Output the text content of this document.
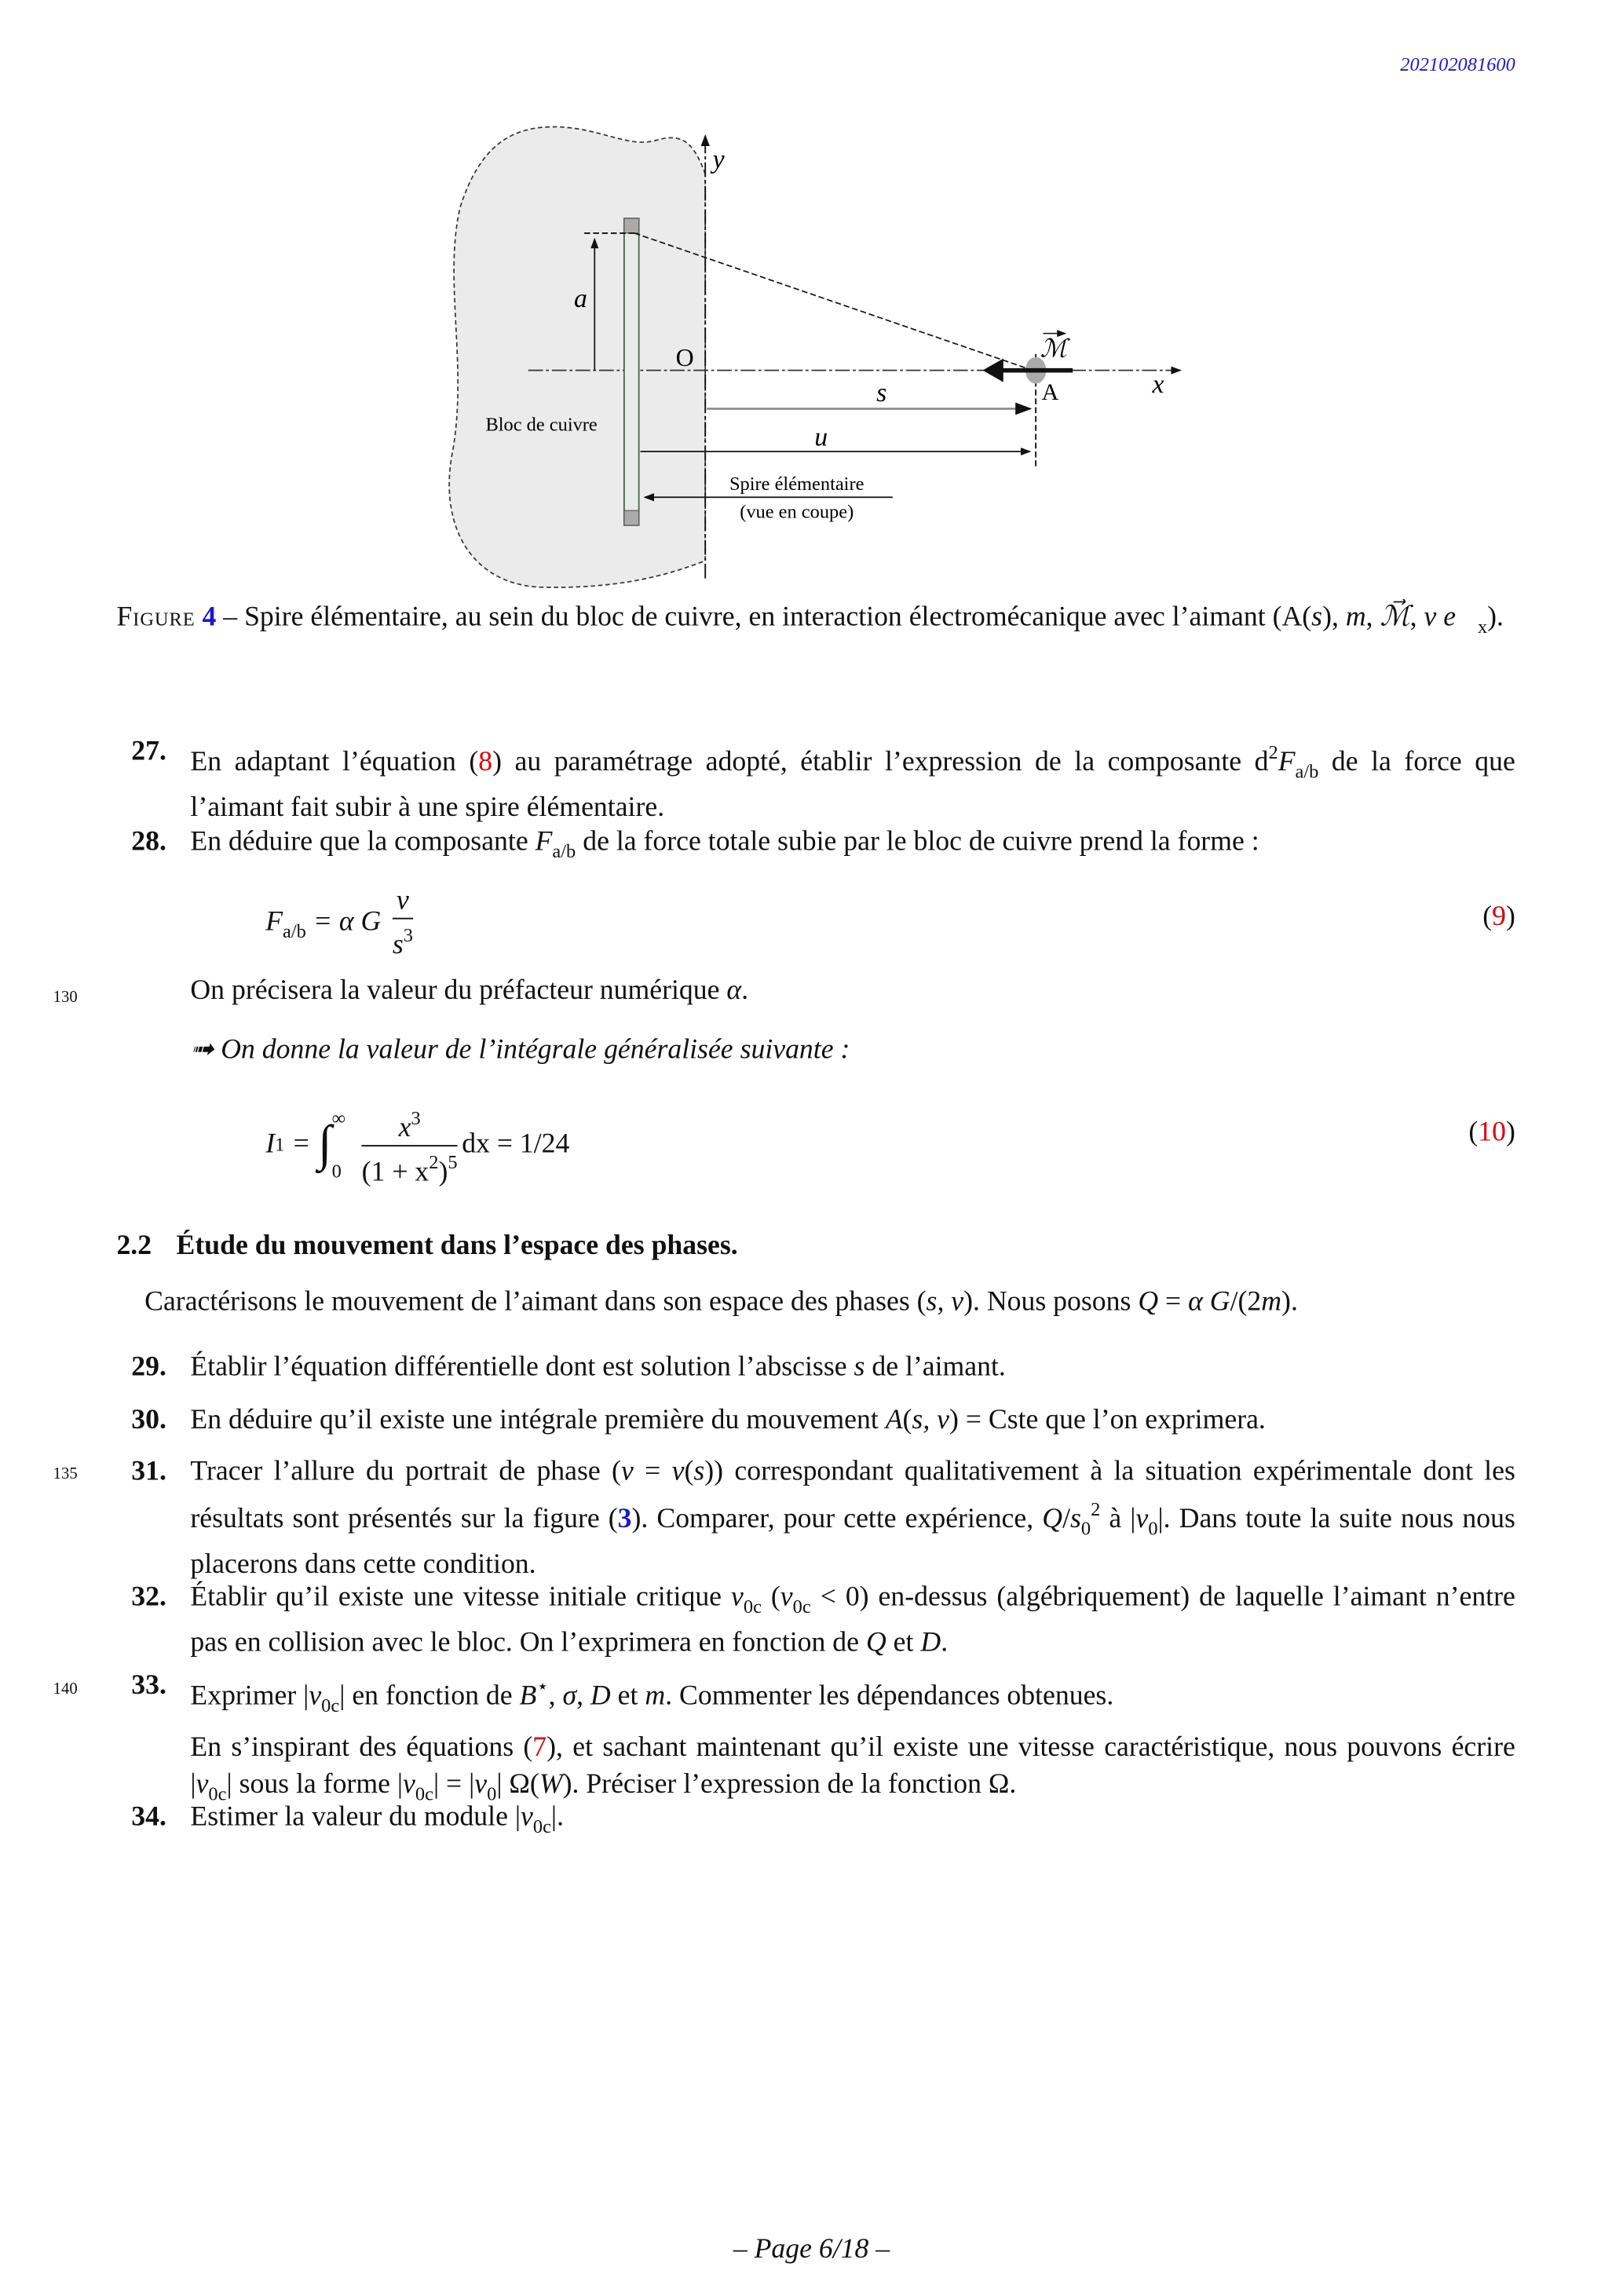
202102081600
y
x
O
a
ℳ
A
s
u
Bloc de cuivre
Spire élémentaire
(vue en coupe)
Figure 4 – Spire élémentaire, au sein du bloc de cuivre, en interaction électromécanique avec l’aimant (A(s), m, ℳ⃗, v $e⃗_x$).
27. En adaptant l’équation (8) au paramétrage adopté, établir l’expression de la composante $d^2F_{a/b}$ de la force que l’aimant fait subir à une spire élémentaire.
28. En déduire que la composante $F_{a/b}$ de la force totale subie par le bloc de cuivre prend la forme :
$F_{a/b} = \alpha$ G $\frac{v}{s^3}$	(9)
130	On précisera la valeur du préfacteur numérique α.
➟ On donne la valeur de l’intégrale généralisée suivante :
I 1 = ∫ ∞
$0 \frac{x^3}{(1 + x^2)^5}$ dx = 1/24	(10)
2.2 Étude du mouvement dans l’espace des phases.
Caractérisons le mouvement de l’aimant dans son espace des phases (s, v). Nous posons Q = α G/(2m).
29. Établir l’équation différentielle dont est solution l’abscisse s de l’aimant.
30. En déduire qu’il existe une intégrale première du mouvement A(s, v) = Cste que l’on exprimera.
135	31. Tracer l’allure du portrait de phase (v = v(s)) correspondant qualitativement à la situation expérimentale dont les résultats sont présentés sur la figure (3). Comparer, pour cette expérience, $Q/s_0^2$ à $|v_0|$. Dans toute la suite nous nous placerons dans cette condition.
32. Établir qu’il existe une vitesse initiale critique $v_{0c}$ $(v_{0c} < 0)$ en-dessus (algébriquement) de laquelle l’aimant n’entre pas en collision avec le bloc. On l’exprimera en fonction de Q et D.
140	33. Exprimer $|v_{0c}|$ en fonction de B⋆, σ, D et m. Commenter les dépendances obtenues.
En s’inspirant des équations (7), et sachant maintenant qu’il existe une vitesse caractéristique, nous pouvons écrire $|v_{0c}|$ sous la forme $|v_{0c}| = |v_0|$ Ω(W). Préciser l’expression de la fonction Ω.
34. Estimer la valeur du module $|v_{0c}|$.
– Page 6/18 –
